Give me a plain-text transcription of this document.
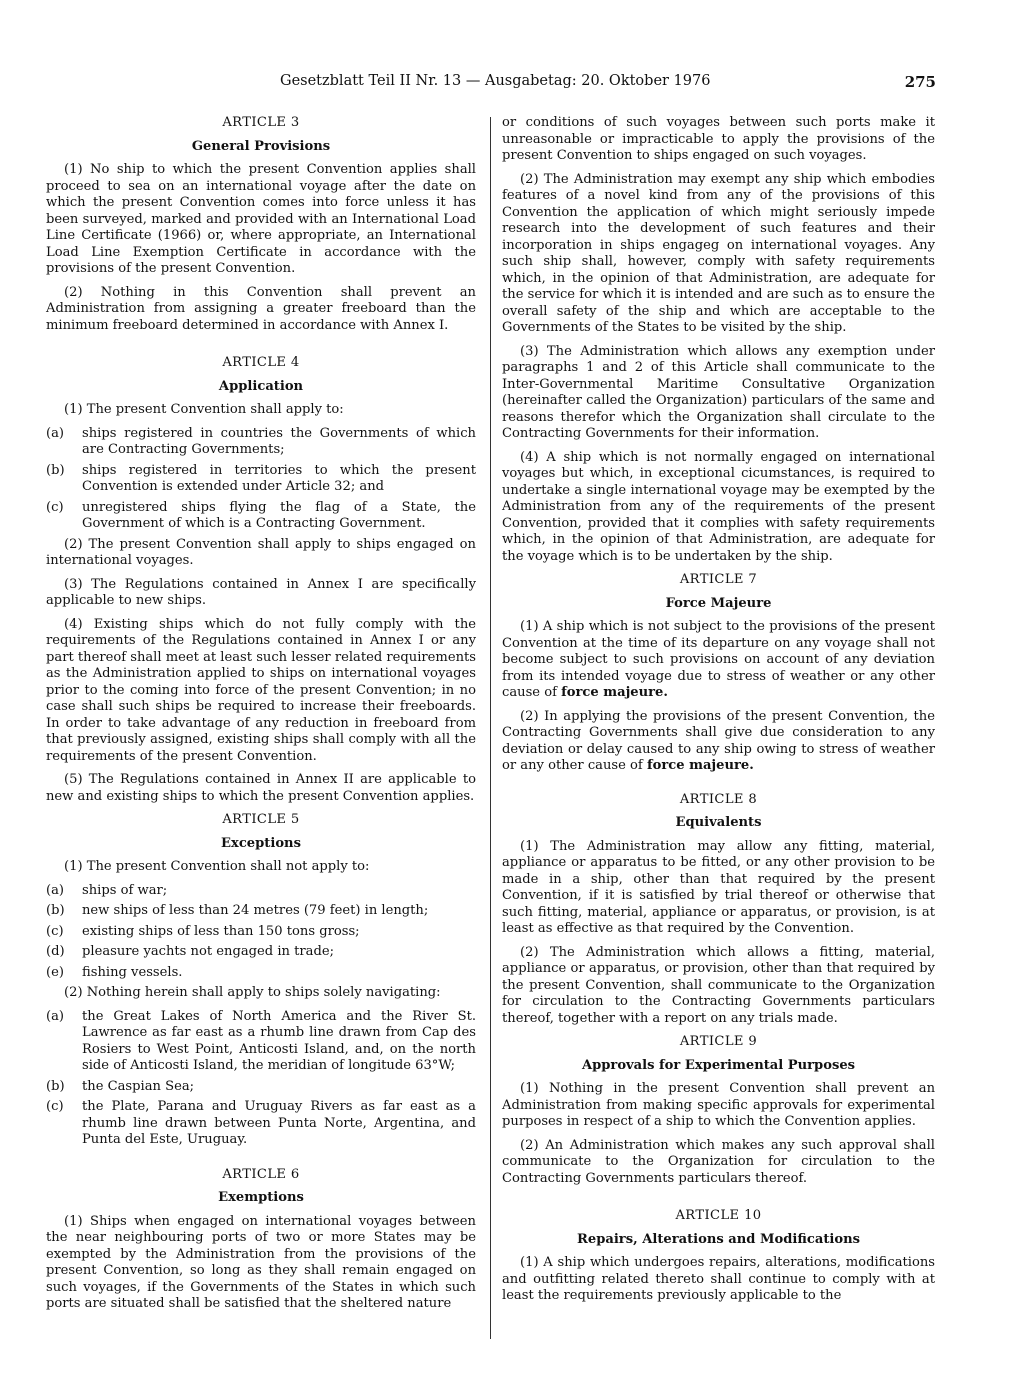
Gesetzblatt Teil II Nr. 13 — Ausgabetag: 20. Oktober 1976	275
ARTICLE 3
General Provisions

(1) No ship to which the present Convention applies shall proceed to sea on an international voyage after the date on which the present Convention comes into force unless it has been surveyed, marked and provided with an International Load Line Certificate (1966) or, where appropriate, an International Load Line Exemption Certificate in accordance with the provisions of the present Convention.

(2) Nothing in this Convention shall prevent an Administration from assigning a greater freeboard than the minimum freeboard determined in accordance with Annex I.

ARTICLE 4
Application

(1) The present Convention shall apply to:

(a) ships registered in countries the Governments of which are Contracting Governments;
(b) ships registered in territories to which the present Convention is extended under Article 32; and
(c) unregistered ships flying the flag of a State, the Government of which is a Contracting Government.

(2) The present Convention shall apply to ships engaged on international voyages.

(3) The Regulations contained in Annex I are specifically applicable to new ships.

(4) Existing ships which do not fully comply with the requirements of the Regulations contained in Annex I or any part thereof shall meet at least such lesser related requirements as the Administration applied to ships on international voyages prior to the coming into force of the present Convention; in no case shall such ships be required to increase their freeboards. In order to take advantage of any reduction in freeboard from that previously assigned, existing ships shall comply with all the requirements of the present Convention.

(5) The Regulations contained in Annex II are applicable to new and existing ships to which the present Convention applies.

ARTICLE 5
Exceptions

(1) The present Convention shall not apply to:

(a) ships of war;
(b) new ships of less than 24 metres (79 feet) in length;
(c) existing ships of less than 150 tons gross;
(d) pleasure yachts not engaged in trade;
(e) fishing vessels.

(2) Nothing herein shall apply to ships solely navigating:

(a) the Great Lakes of North America and the River St. Lawrence as far east as a rhumb line drawn from Cap des Rosiers to West Point, Anticosti Island, and, on the north side of Anticosti Island, the meridian of longitude 63°W;
(b) the Caspian Sea;
(c) the Plate, Parana and Uruguay Rivers as far east as a rhumb line drawn between Punta Norte, Argentina, and Punta del Este, Uruguay.
ARTICLE 6
Exemptions

(1) Ships when engaged on international voyages between the near neighbouring ports of two or more States may be exempted by the Administration from the provisions of the present Convention, so long as they shall remain engaged on such voyages, if the Governments of the States in which such ports are situated shall be satisfied that the sheltered nature

or conditions of such voyages between such ports make it unreasonable or impracticable to apply the provisions of the present Convention to ships engaged on such voyages.

(2) The Administration may exempt any ship which embodies features of a novel kind from any of the provisions of this Convention the application of which might seriously impede research into the development of such features and their incorporation in ships engageg on international voyages. Any such ship shall, however, comply with safety requirements which, in the opinion of that Administration, are adequate for the service for which it is intended and are such as to ensure the overall safety of the ship and which are acceptable to the Governments of the States to be visited by the ship.

(3) The Administration which allows any exemption under paragraphs 1 and 2 of this Article shall communicate to the Inter-Governmental Maritime Consultative Organization (hereinafter called the Organization) particulars of the same and reasons therefor which the Organization shall circulate to the Contracting Governments for their information.

(4) A ship which is not normally engaged on international voyages but which, in exceptional cicumstances, is required to undertake a single international voyage may be exempted by the Administration from any of the requirements of the present Convention, provided that it complies with safety requirements which, in the opinion of that Administration, are adequate for the voyage which is to be undertaken by the ship.

ARTICLE 7
Force Majeure

(1) A ship which is not subject to the provisions of the present Convention at the time of its departure on any voyage shall not become subject to such provisions on account of any deviation from its intended voyage due to stress of weather or any other cause of force majeure.

(2) In applying the provisions of the present Convention, the Contracting Governments shall give due consideration to any deviation or delay caused to any ship owing to stress of weather or any other cause of force majeure.

ARTICLE 8
Equivalents

(1) The Administration may allow any fitting, material, appliance or apparatus to be fitted, or any other provision to be made in a ship, other than that required by the present Convention, if it is satisfied by trial thereof or otherwise that such fitting, material, appliance or apparatus, or provision, is at least as effective as that required by the Convention.

(2) The Administration which allows a fitting, material, appliance or apparatus, or provision, other than that required by the present Convention, shall communicate to the Organization for circulation to the Contracting Governments particulars thereof, together with a report on any trials made.

ARTICLE 9
Approvals for Experimental Purposes

(1) Nothing in the present Convention shall prevent an Administration from making specific approvals for experimental purposes in respect of a ship to which the Convention applies.

(2) An Administration which makes any such approval shall communicate to the Organization for circulation to the Contracting Governments particulars thereof.

ARTICLE 10
Repairs, Alterations and Modifications

(1) A ship which undergoes repairs, alterations, modifications and outfitting related thereto shall continue to comply with at least the requirements previously applicable to the
